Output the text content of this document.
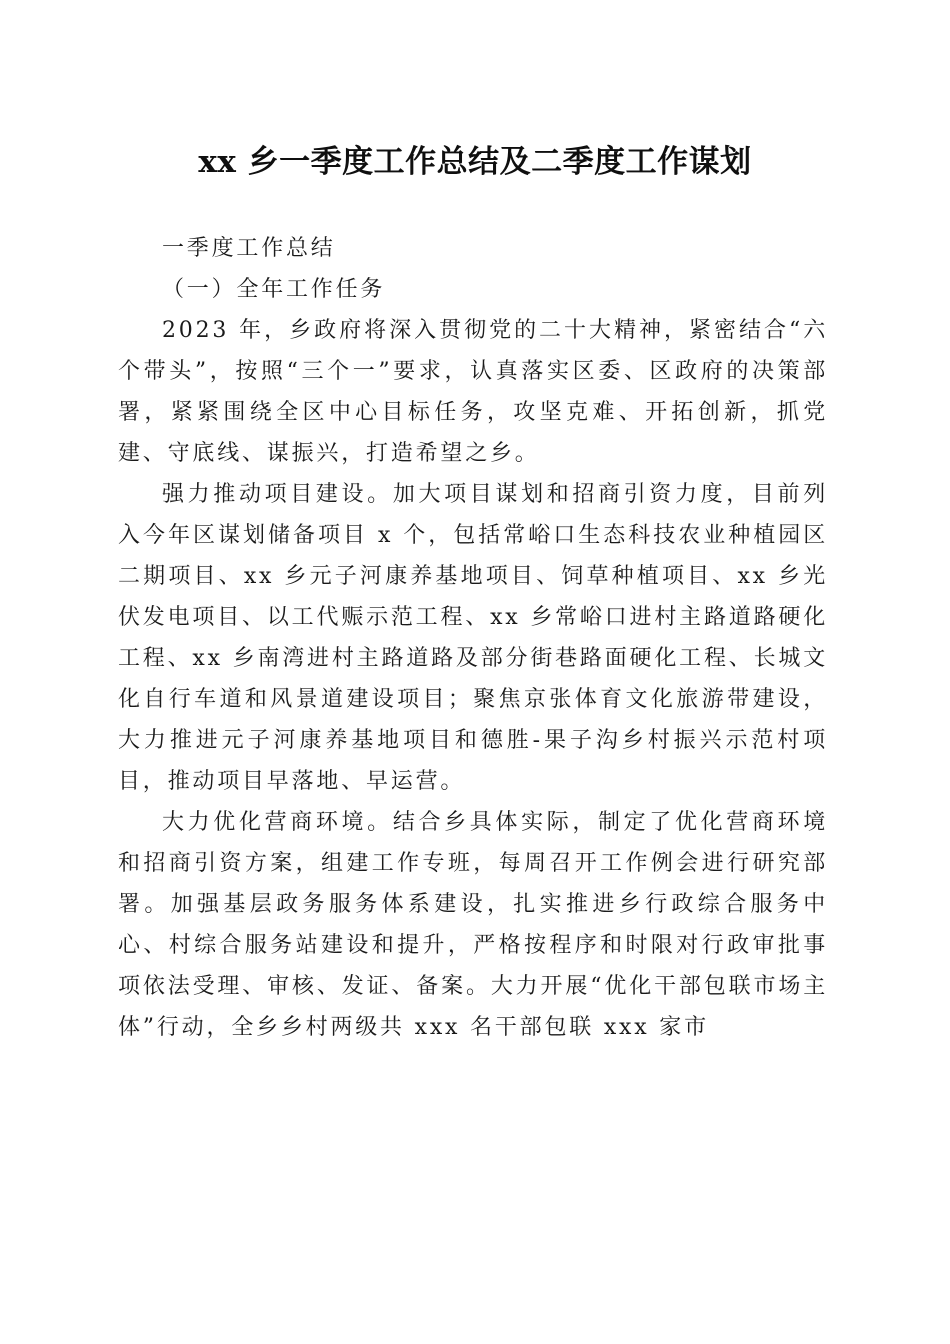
xx 乡一季度工作总结及二季度工作谋划

一季度工作总结

（一）全年工作任务

2023 年，乡政府将深入贯彻党的二十大精神，紧密结合“六个带头”，按照“三个一”要求，认真落实区委、区政府的决策部署，紧紧围绕全区中心目标任务，攻坚克难、开拓创新，抓党建、守底线、谋振兴，打造希望之乡。

强力推动项目建设。加大项目谋划和招商引资力度，目前列入今年区谋划储备项目 x 个，包括常峪口生态科技农业种植园区二期项目、xx 乡元子河康养基地项目、饲草种植项目、xx 乡光伏发电项目、以工代赈示范工程、xx 乡常峪口进村主路道路硬化工程、xx 乡南湾进村主路道路及部分街巷路面硬化工程、长城文化自行车道和风景道建设项目；聚焦京张体育文化旅游带建设，大力推进元子河康养基地项目和德胜-果子沟乡村振兴示范村项目，推动项目早落地、早运营。

大力优化营商环境。结合乡具体实际，制定了优化营商环境和招商引资方案，组建工作专班，每周召开工作例会进行研究部署。加强基层政务服务体系建设，扎实推进乡行政综合服务中心、村综合服务站建设和提升，严格按程序和时限对行政审批事项依法受理、审核、发证、备案。大力开展“优化干部包联市场主体”行动，全乡乡村两级共 xxx 名干部包联 xxx 家市
